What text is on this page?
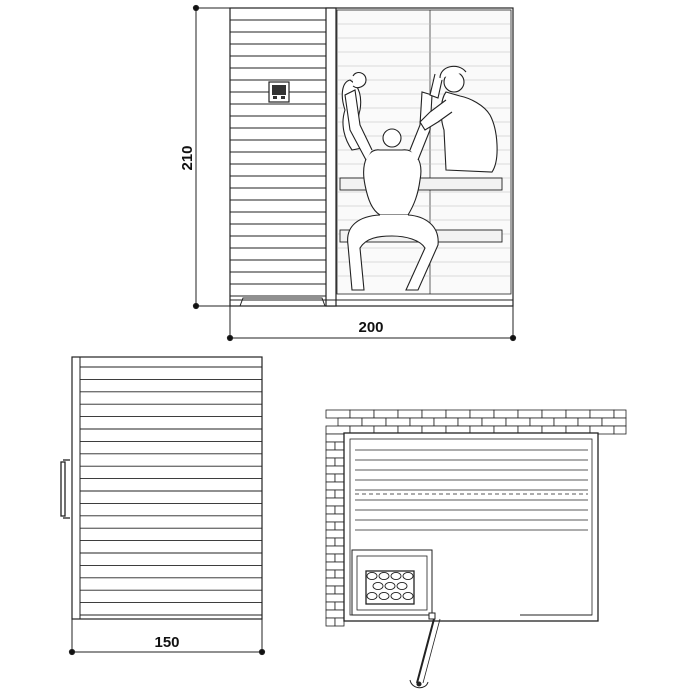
210
200
150
